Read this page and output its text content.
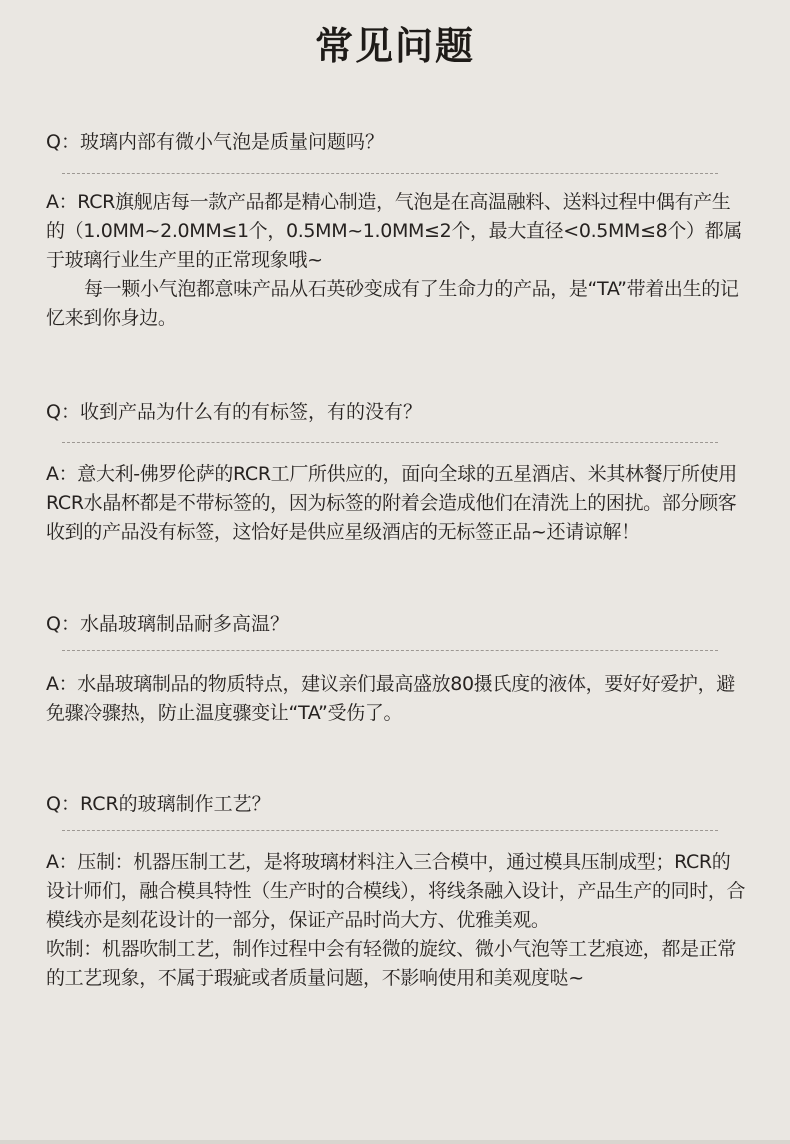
常见问题
Q：玻璃内部有微小气泡是质量问题吗？

A：RCR旗舰店每一款产品都是精心制造，气泡是在高温融料、送料过程中偶有产生的（1.0MM~2.0MM≤1个，0.5MM~1.0MM≤2个，最大直径<0.5MM≤8个）都属于玻璃行业生产里的正常现象哦~

每一颗小气泡都意味产品从石英砂变成有了生命力的产品，是“TA”带着出生的记忆来到你身边。

Q：收到产品为什么有的有标签，有的没有？

A：意大利-佛罗伦萨的RCR工厂所供应的，面向全球的五星酒店、米其林餐厅所使用RCR水晶杯都是不带标签的，因为标签的附着会造成他们在清洗上的困扰。部分顾客收到的产品没有标签，这恰好是供应星级酒店的无标签正品~还请谅解！

Q：水晶玻璃制品耐多高温？

A：水晶玻璃制品的物质特点，建议亲们最高盛放80摄氏度的液体，要好好爱护，避免骤冷骤热，防止温度骤变让“TA”受伤了。

Q：RCR的玻璃制作工艺？

A：压制：机器压制工艺，是将玻璃材料注入三合模中，通过模具压制成型；RCR的设计师们，融合模具特性（生产时的合模线），将线条融入设计，产品生产的同时，合模线亦是刻花设计的一部分，保证产品时尚大方、优雅美观。

吹制：机器吹制工艺，制作过程中会有轻微的旋纹、微小气泡等工艺痕迹，都是正常的工艺现象，不属于瑕疵或者质量问题，不影响使用和美观度哒~
